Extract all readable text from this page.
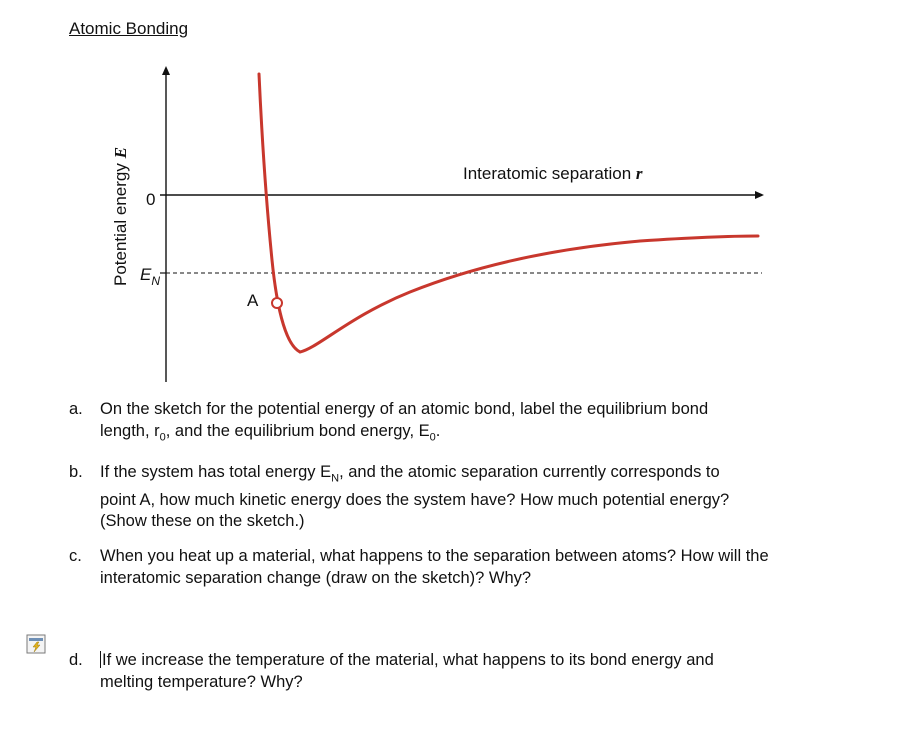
Atomic Bonding
Potential energy E
Interatomic separation r
0
$E_N$
A
a. On the sketch for the potential energy of an atomic bond, label the equilibrium bond
length, $r_0$, and the equilibrium bond energy, $E_0$.
b. If the system has total energy $E_N$, and the atomic separation currently corresponds to
point A, how much kinetic energy does the system have? How much potential energy?
(Show these on the sketch.)
c. When you heat up a material, what happens to the separation between atoms? How will the
interatomic separation change (draw on the sketch)? Why?
d. If we increase the temperature of the material, what happens to its bond energy and
melting temperature? Why?
